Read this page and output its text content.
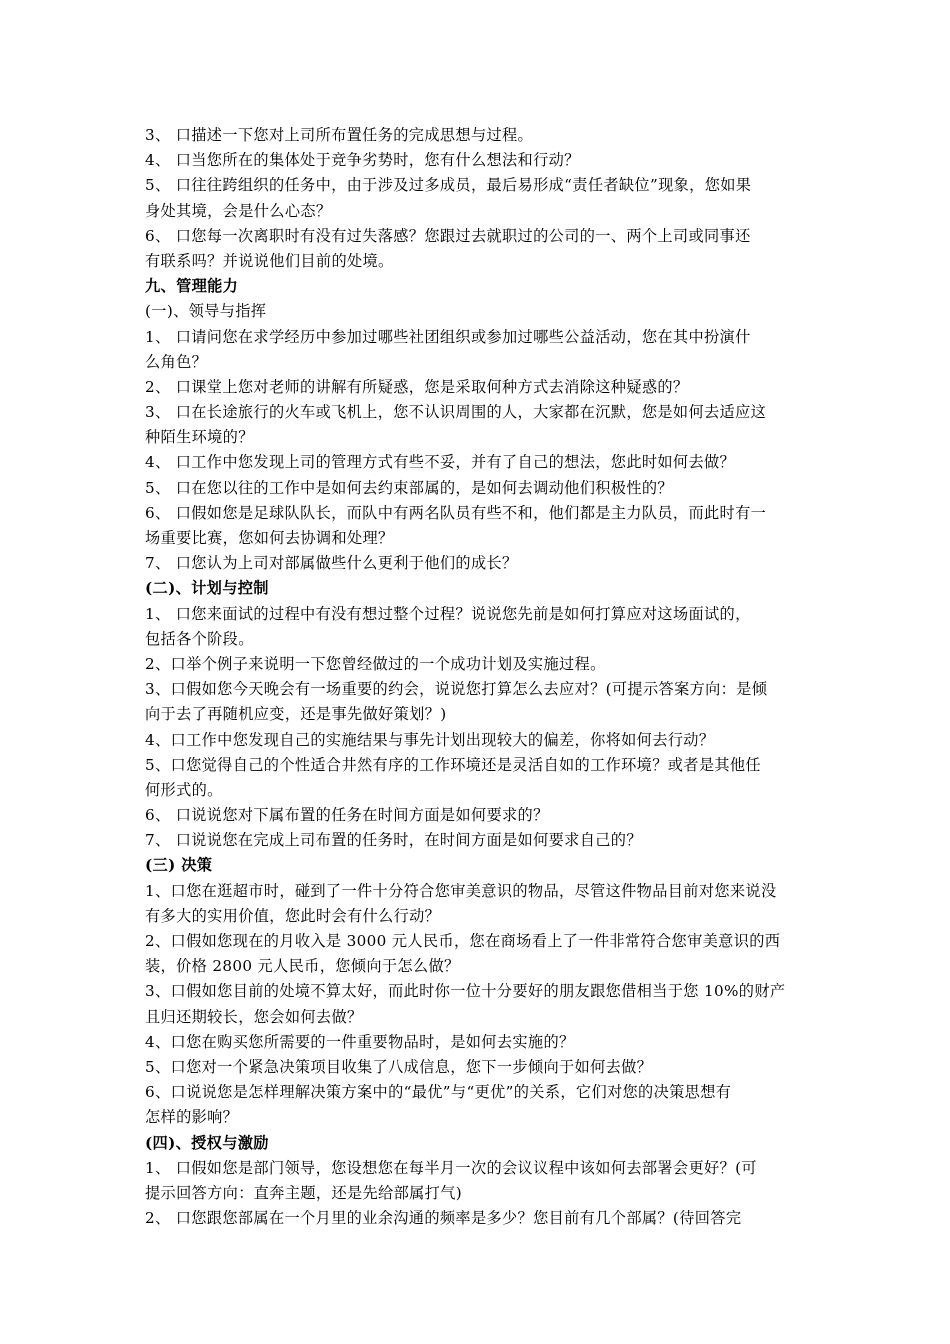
3、 口描述一下您对上司所布置任务的完成思想与过程。
4、 口当您所在的集体处于竞争劣势时，您有什么想法和行动？
5、 口往往跨组织的任务中，由于涉及过多成员，最后易形成“责任者缺位”现象，您如果
身处其境，会是什么心态？
6、 口您每一次离职时有没有过失落感？您跟过去就职过的公司的一、两个上司或同事还
有联系吗？并说说他们目前的处境。
九、管理能力
(一)、领导与指挥
1、 口请问您在求学经历中参加过哪些社团组织或参加过哪些公益活动，您在其中扮演什
么角色？
2、 口课堂上您对老师的讲解有所疑惑，您是采取何种方式去消除这种疑惑的？
3、 口在长途旅行的火车或飞机上，您不认识周围的人，大家都在沉默，您是如何去适应这
种陌生环境的？
4、 口工作中您发现上司的管理方式有些不妥，并有了自己的想法，您此时如何去做？
5、 口在您以往的工作中是如何去约束部属的，是如何去调动他们积极性的？
6、 口假如您是足球队队长，而队中有两名队员有些不和，他们都是主力队员，而此时有一
场重要比赛，您如何去协调和处理？
7、 口您认为上司对部属做些什么更利于他们的成长？
(二)、计划与控制
1、 口您来面试的过程中有没有想过整个过程？说说您先前是如何打算应对这场面试的，
包括各个阶段。
2、口举个例子来说明一下您曾经做过的一个成功计划及实施过程。
3、口假如您今天晚会有一场重要的约会，说说您打算怎么去应对？(可提示答案方向：是倾
向于去了再随机应变，还是事先做好策划？)
4、口工作中您发现自己的实施结果与事先计划出现较大的偏差，你将如何去行动？
5、口您觉得自己的个性适合井然有序的工作环境还是灵活自如的工作环境？或者是其他任
何形式的。
6、 口说说您对下属布置的任务在时间方面是如何要求的？
7、 口说说您在完成上司布置的任务时，在时间方面是如何要求自己的？
(三) 决策
1、口您在逛超市时，碰到了一件十分符合您审美意识的物品，尽管这件物品目前对您来说没
有多大的实用价值，您此时会有什么行动？
2、口假如您现在的月收入是 3000 元人民币，您在商场看上了一件非常符合您审美意识的西
装，价格 2800 元人民币，您倾向于怎么做？
3、口假如您目前的处境不算太好，而此时你一位十分要好的朋友跟您借相当于您 10%的财产
且归还期较长，您会如何去做？
4、口您在购买您所需要的一件重要物品时，是如何去实施的？
5、口您对一个紧急决策项目收集了八成信息，您下一步倾向于如何去做？
6、口说说您是怎样理解决策方案中的“最优”与“更优”的关系，它们对您的决策思想有
怎样的影响？
(四)、授权与激励
1、 口假如您是部门领导，您设想您在每半月一次的会议议程中该如何去部署会更好？(可
提示回答方向：直奔主题，还是先给部属打气)
2、 口您跟您部属在一个月里的业余沟通的频率是多少？您目前有几个部属？(待回答完
